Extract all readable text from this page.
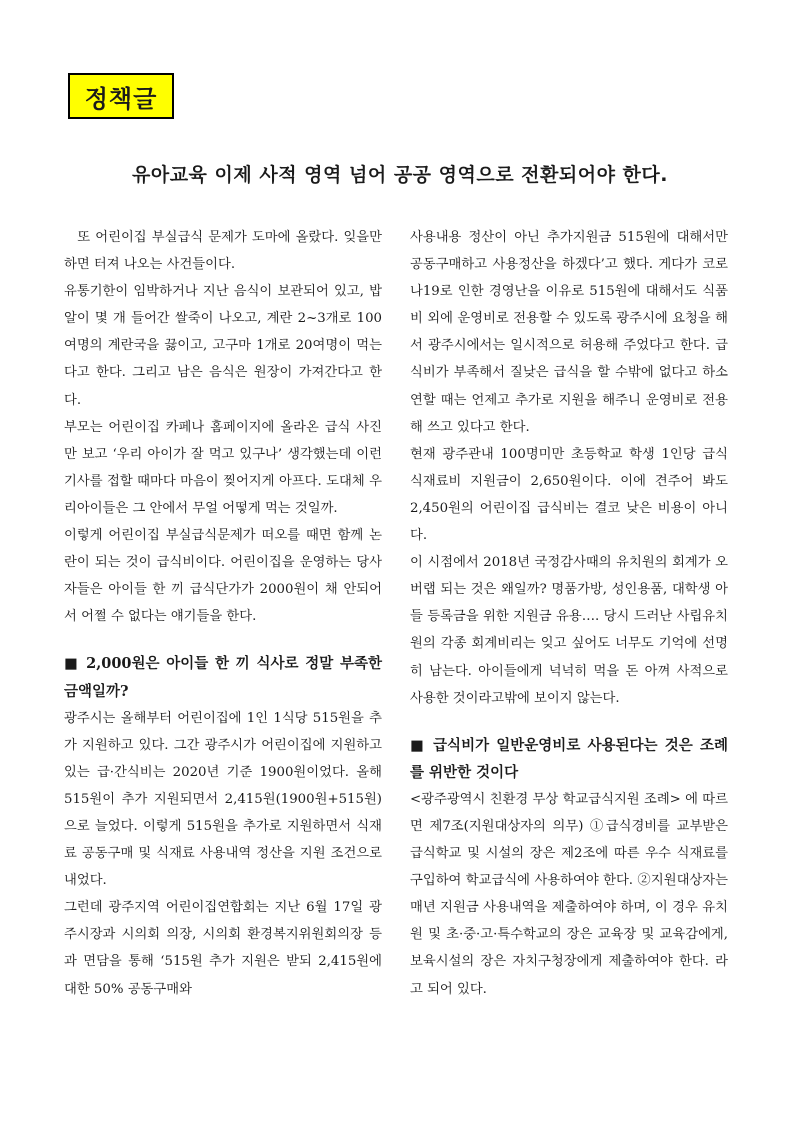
정책글
유아교육 이제 사적 영역 넘어 공공 영역으로 전환되어야 한다.

또 어린이집 부실급식 문제가 도마에 올랐다. 잊을만하면 터져 나오는 사건들이다.

유통기한이 임박하거나 지난 음식이 보관되어 있고, 밥알이 몇 개 들어간 쌀죽이 나오고, 계란 2~3개로 100여명의 계란국을 끓이고, 고구마 1개로 20여명이 먹는다고 한다. 그리고 남은 음식은 원장이 가져간다고 한다.

부모는 어린이집 카페나 홈페이지에 올라온 급식 사진만 보고 ‘우리 아이가 잘 먹고 있구나’ 생각했는데 이런 기사를 접할 때마다 마음이 찢어지게 아프다. 도대체 우리아이들은 그 안에서 무얼 어떻게 먹는 것일까.

이렇게 어린이집 부실급식문제가 떠오를 때면 함께 논란이 되는 것이 급식비이다. 어린이집을 운영하는 당사자들은 아이들 한 끼 급식단가가 2000원이 채 안되어서 어쩔 수 없다는 얘기들을 한다.

■ 2,000원은 아이들 한 끼 식사로 정말 부족한 금액일까?

광주시는 올해부터 어린이집에 1인 1식당 515원을 추가 지원하고 있다. 그간 광주시가 어린이집에 지원하고 있는 급·간식비는 2020년 기준 1900원이었다. 올해 515원이 추가 지원되면서 2,415원(1900원+515원)으로 늘었다. 이렇게 515원을 추가로 지원하면서 식재료 공동구매 및 식재료 사용내역 정산을 지원 조건으로 내었다.

그런데 광주지역 어린이집연합회는 지난 6월 17일 광주시장과 시의회 의장, 시의회 환경복지위원회의장 등과 면담을 통해 ‘515원 추가 지원은 받되 2,415원에 대한 50% 공동구매와

사용내용 정산이 아닌 추가지원금 515원에 대해서만 공동구매하고 사용정산을 하겠다’고 했다. 게다가 코로나19로 인한 경영난을 이유로 515원에 대해서도 식품비 외에 운영비로 전용할 수 있도록 광주시에 요청을 해서 광주시에서는 일시적으로 허용해 주었다고 한다. 급식비가 부족해서 질낮은 급식을 할 수밖에 없다고 하소연할 때는 언제고 추가로 지원을 해주니 운영비로 전용해 쓰고 있다고 한다.

현재 광주관내 100명미만 초등학교 학생 1인당 급식 식재료비 지원금이 2,650원이다. 이에 견주어 봐도 2,450원의 어린이집 급식비는 결코 낮은 비용이 아니다.

이 시점에서 2018년 국정감사때의 유치원의 회계가 오버랩 되는 것은 왜일까? 명품가방, 성인용품, 대학생 아들 등록금을 위한 지원금 유용…. 당시 드러난 사립유치원의 각종 회계비리는 잊고 싶어도 너무도 기억에 선명히 남는다. 아이들에게 넉넉히 먹을 돈 아껴 사적으로 사용한 것이라고밖에 보이지 않는다.

■ 급식비가 일반운영비로 사용된다는 것은 조례를 위반한 것이다

<광주광역시 친환경 무상 학교급식지원 조례> 에 따르면 제7조(지원대상자의 의무) ①급식경비를 교부받은 급식학교 및 시설의 장은 제2조에 따른 우수 식재료를 구입하여 학교급식에 사용하여야 한다. ②지원대상자는 매년 지원금 사용내역을 제출하여야 하며, 이 경우 유치원 및 초·중·고·특수학교의 장은 교육장 및 교육감에게, 보육시설의 장은 자치구청장에게 제출하여야 한다. 라고 되어 있다.
